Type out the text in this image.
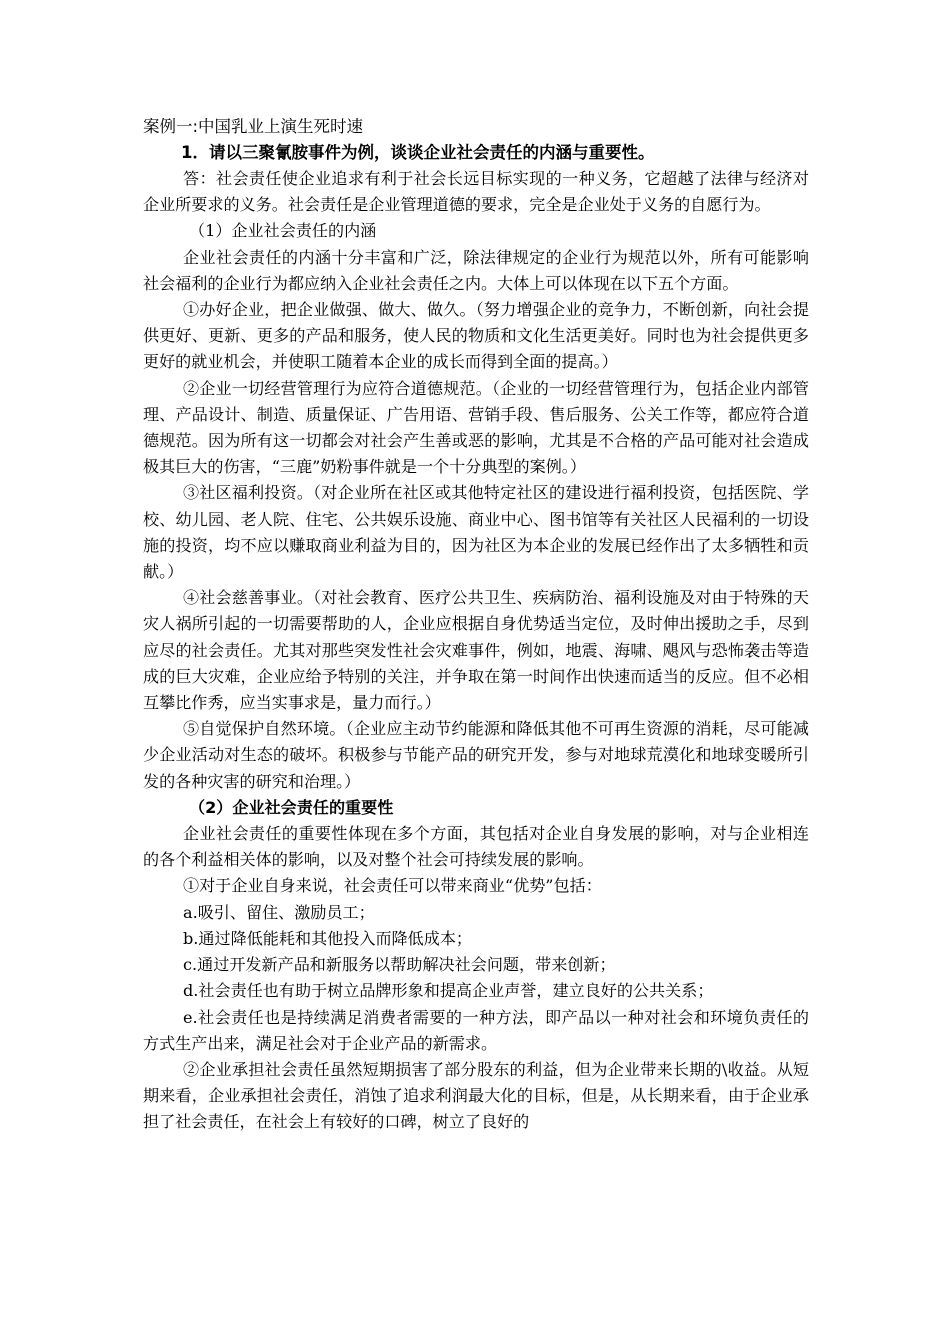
案例一:中国乳业上演生死时速
1．请以三聚氰胺事件为例，谈谈企业社会责任的内涵与重要性。

答：社会责任使企业追求有利于社会长远目标实现的一种义务，它超越了法律与经济对企业所要求的义务。社会责任是企业管理道德的要求，完全是企业处于义务的自愿行为。

（1）企业社会责任的内涵

企业社会责任的内涵十分丰富和广泛，除法律规定的企业行为规范以外，所有可能影响社会福利的企业行为都应纳入企业社会责任之内。大体上可以体现在以下五个方面。

①办好企业，把企业做强、做大、做久。（努力增强企业的竞争力，不断创新，向社会提供更好、更新、更多的产品和服务，使人民的物质和文化生活更美好。同时也为社会提供更多更好的就业机会，并使职工随着本企业的成长而得到全面的提高。）

②企业一切经营管理行为应符合道德规范。（企业的一切经营管理行为，包括企业内部管理、产品设计、制造、质量保证、广告用语、营销手段、售后服务、公关工作等，都应符合道德规范。因为所有这一切都会对社会产生善或恶的影响，尤其是不合格的产品可能对社会造成极其巨大的伤害，“三鹿”奶粉事件就是一个十分典型的案例。）

③社区福利投资。（对企业所在社区或其他特定社区的建设进行福利投资，包括医院、学校、幼儿园、老人院、住宅、公共娱乐设施、商业中心、图书馆等有关社区人民福利的一切设施的投资，均不应以赚取商业利益为目的，因为社区为本企业的发展已经作出了太多牺牲和贡献。）

④社会慈善事业。（对社会教育、医疗公共卫生、疾病防治、福利设施及对由于特殊的天灾人祸所引起的一切需要帮助的人，企业应根据自身优势适当定位，及时伸出援助之手，尽到应尽的社会责任。尤其对那些突发性社会灾难事件，例如，地震、海啸、飓风与恐怖袭击等造成的巨大灾难，企业应给予特别的关注，并争取在第一时间作出快速而适当的反应。但不必相互攀比作秀，应当实事求是，量力而行。）

⑤自觉保护自然环境。（企业应主动节约能源和降低其他不可再生资源的消耗，尽可能减少企业活动对生态的破坏。积极参与节能产品的研究开发，参与对地球荒漠化和地球变暖所引发的各种灾害的研究和治理。）

（2）企业社会责任的重要性

企业社会责任的重要性体现在多个方面，其包括对企业自身发展的影响，对与企业相连的各个利益相关体的影响，以及对整个社会可持续发展的影响。

①对于企业自身来说，社会责任可以带来商业“优势”包括：

a.吸引、留住、激励员工；

b.通过降低能耗和其他投入而降低成本；

c.通过开发新产品和新服务以帮助解决社会问题，带来创新；

d.社会责任也有助于树立品牌形象和提高企业声誉，建立良好的公共关系；

e.社会责任也是持续满足消费者需要的一种方法，即产品以一种对社会和环境负责任的方式生产出来，满足社会对于企业产品的新需求。

②企业承担社会责任虽然短期损害了部分股东的利益，但为企业带来长期的\收益。从短期来看，企业承担社会责任，消蚀了追求利润最大化的目标，但是，从长期来看，由于企业承担了社会责任，在社会上有较好的口碑，树立了良好的
